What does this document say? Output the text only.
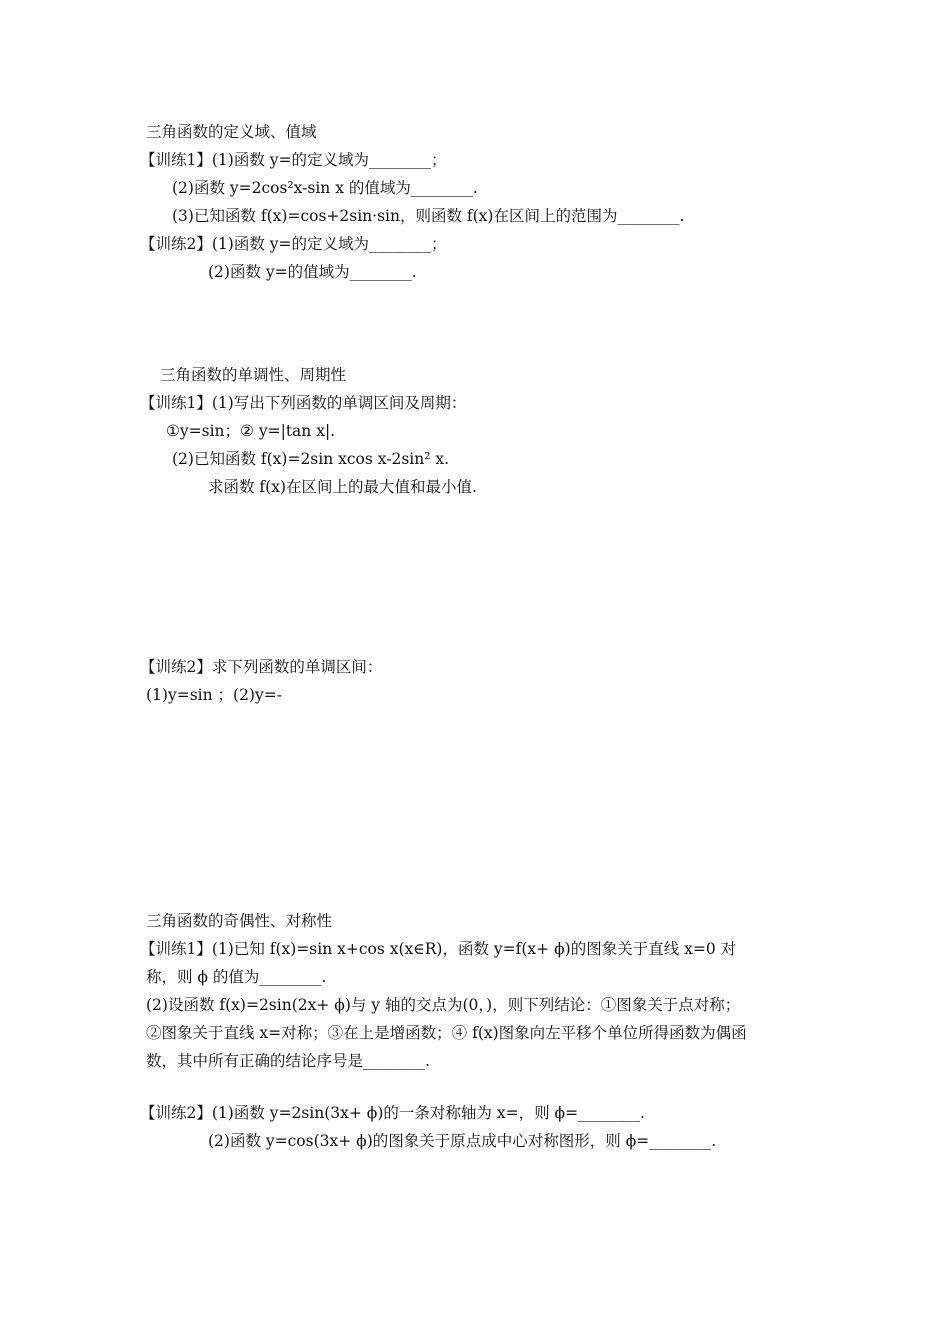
三角函数的定义域、值域
【训练1】(1)函数 y=的定义域为________；
(2)函数 y=2cos²x-sin x 的值域为________.
(3)已知函数 f(x)=cos+2sin·sin，则函数 f(x)在区间上的范围为________.
【训练2】(1)函数 y=的定义域为________；
(2)函数 y=的值域为________.
三角函数的单调性、周期性
【训练1】(1)写出下列函数的单调区间及周期：
①y=sin；② y=|tan x|.
(2)已知函数 f(x)=2sin xcos x-2sin² x.
求函数 f(x)在区间上的最大值和最小值.
【训练2】求下列函数的单调区间：
(1)y=sin ；(2)y=-
三角函数的奇偶性、对称性
【训练1】(1)已知 f(x)=sin x+cos x(x∈R)，函数 y=f(x+ ϕ)的图象关于直线 x=0 对
称，则 ϕ 的值为________.
(2)设函数 f(x)=2sin(2x+ ϕ)与 y 轴的交点为(0，)，则下列结论：①图象关于点对称；
②图象关于直线 x=对称；③在上是增函数；④ f(x)图象向左平移个单位所得函数为偶函
数，其中所有正确的结论序号是________.
【训练2】(1)函数 y=2sin(3x+ ϕ)的一条对称轴为 x=，则 ϕ=________.
(2)函数 y=cos(3x+ ϕ)的图象关于原点成中心对称图形，则 ϕ=________.
